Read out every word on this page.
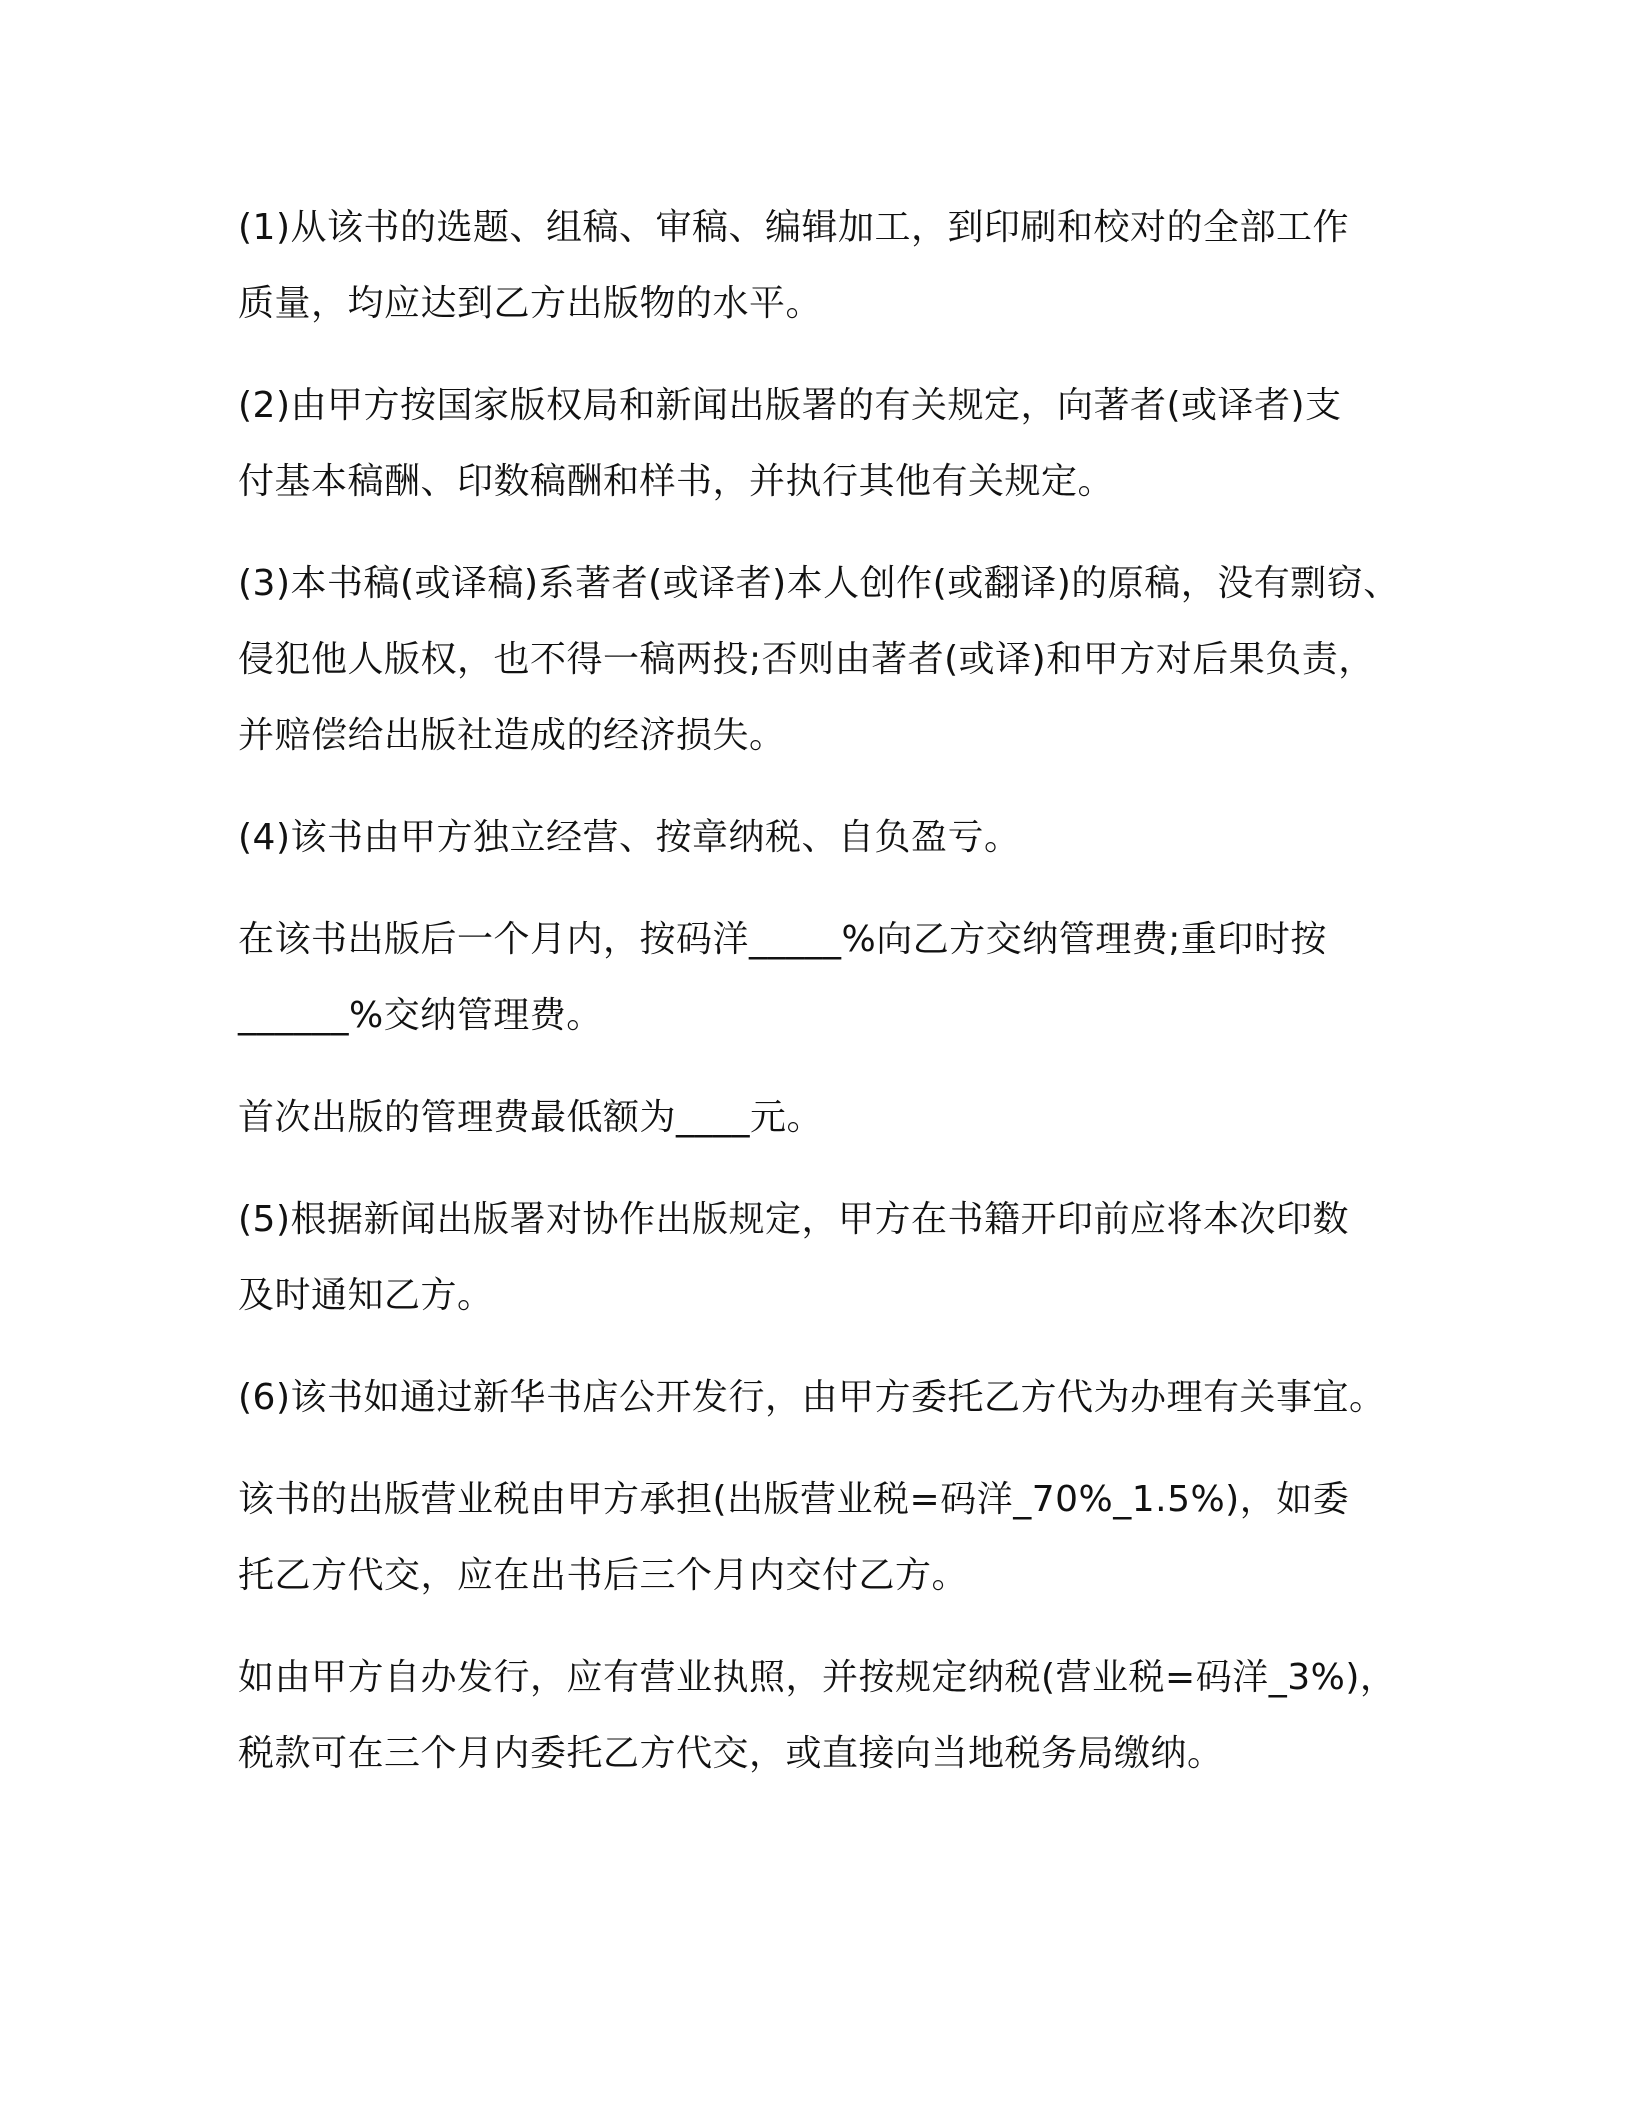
(1)从该书的选题、组稿、审稿、编辑加工，到印刷和校对的全部工作
质量，均应达到乙方出版物的水平。

(2)由甲方按国家版权局和新闻出版署的有关规定，向著者(或译者)支
付基本稿酬、印数稿酬和样书，并执行其他有关规定。

(3)本书稿(或译稿)系著者(或译者)本人创作(或翻译)的原稿，没有剽窃、
侵犯他人版权，也不得一稿两投;否则由著者(或译)和甲方对后果负责，
并赔偿给出版社造成的经济损失。

(4)该书由甲方独立经营、按章纳税、自负盈亏。

在该书出版后一个月内，按码洋_____%向乙方交纳管理费;重印时按
______%交纳管理费。

首次出版的管理费最低额为____元。

(5)根据新闻出版署对协作出版规定，甲方在书籍开印前应将本次印数
及时通知乙方。

(6)该书如通过新华书店公开发行，由甲方委托乙方代为办理有关事宜。

该书的出版营业税由甲方承担(出版营业税=码洋_70%_1.5%)，如委
托乙方代交，应在出书后三个月内交付乙方。

如由甲方自办发行，应有营业执照，并按规定纳税(营业税=码洋_3%)，
税款可在三个月内委托乙方代交，或直接向当地税务局缴纳。
